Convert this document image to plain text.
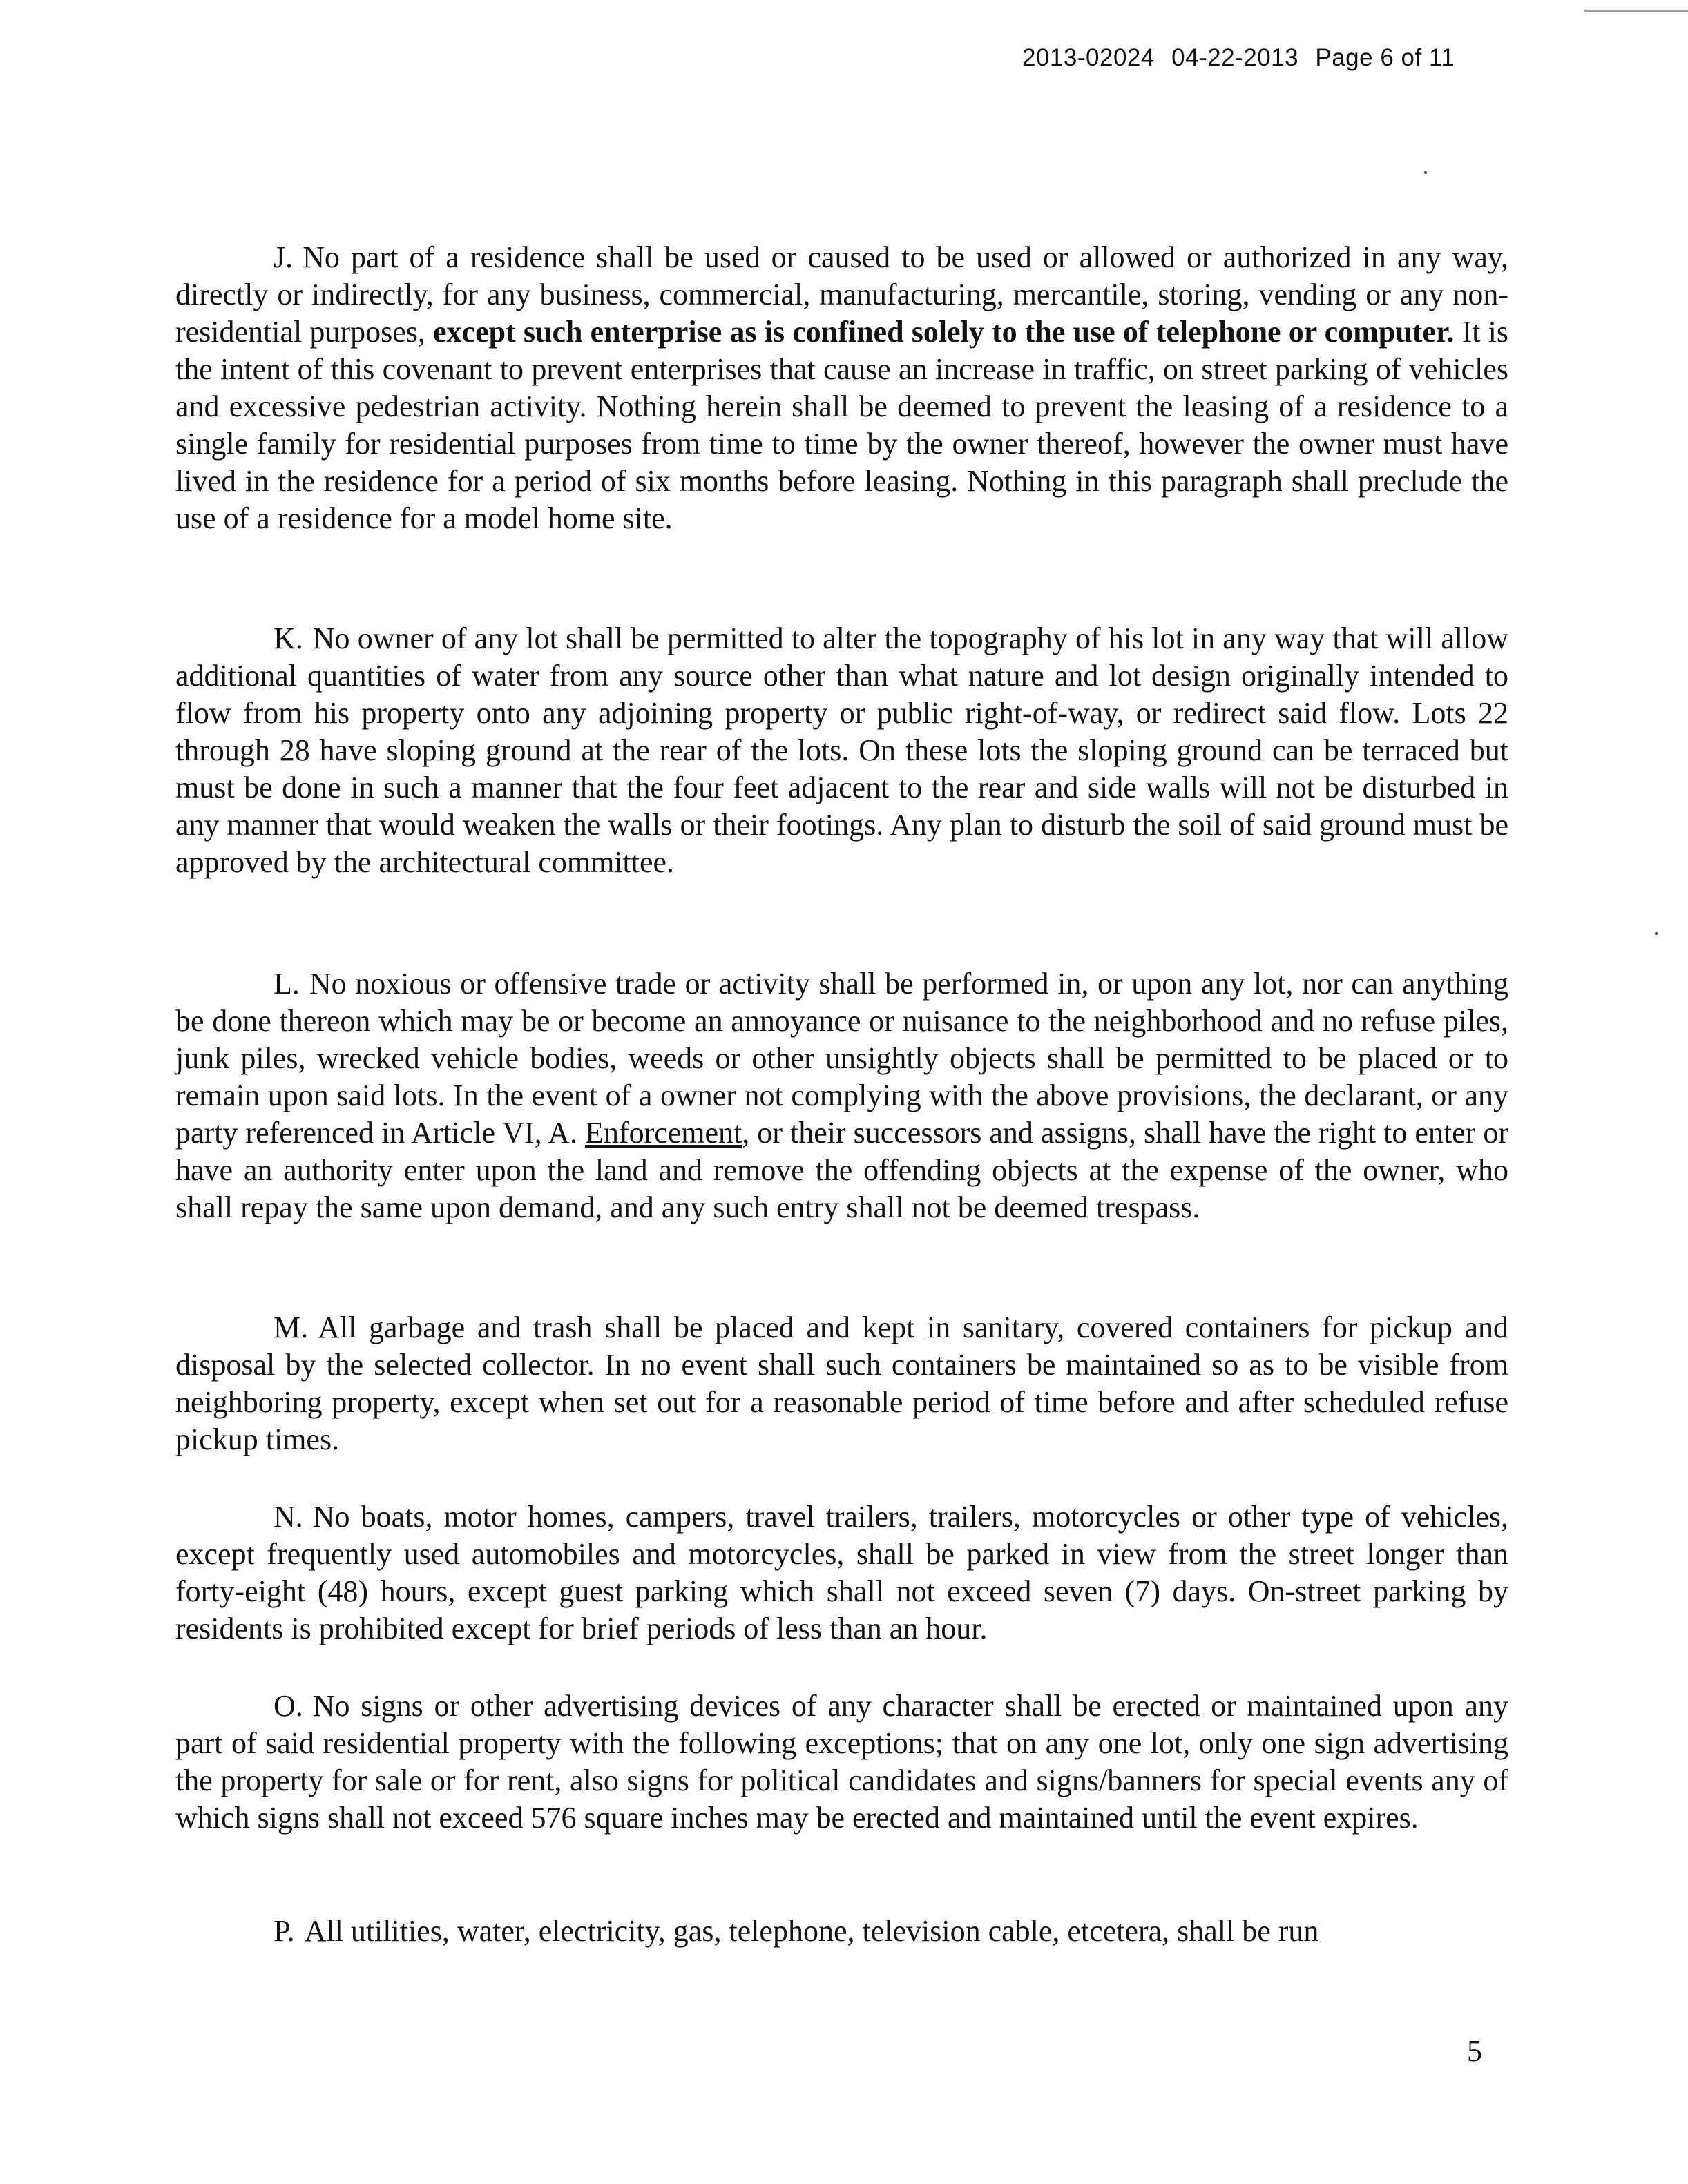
2013-02024 04-22-2013 Page 6 of 11

J. No part of a residence shall be used or caused to be used or allowed or authorized in any way, directly or indirectly, for any business, commercial, manufacturing, mercantile, storing, vending or any non-residential purposes, except such enterprise as is confined solely to the use of telephone or computer. It is the intent of this covenant to prevent enterprises that cause an increase in traffic, on street parking of vehicles and excessive pedestrian activity. Nothing herein shall be deemed to prevent the leasing of a residence to a single family for residential purposes from time to time by the owner thereof, however the owner must have lived in the residence for a period of six months before leasing. Nothing in this paragraph shall preclude the use of a residence for a model home site.

K. No owner of any lot shall be permitted to alter the topography of his lot in any way that will allow additional quantities of water from any source other than what nature and lot design originally intended to flow from his property onto any adjoining property or public right-of-way, or redirect said flow. Lots 22 through 28 have sloping ground at the rear of the lots. On these lots the sloping ground can be terraced but must be done in such a manner that the four feet adjacent to the rear and side walls will not be disturbed in any manner that would weaken the walls or their footings. Any plan to disturb the soil of said ground must be approved by the architectural committee.

L. No noxious or offensive trade or activity shall be performed in, or upon any lot, nor can anything be done thereon which may be or become an annoyance or nuisance to the neighborhood and no refuse piles, junk piles, wrecked vehicle bodies, weeds or other unsightly objects shall be permitted to be placed or to remain upon said lots. In the event of a owner not complying with the above provisions, the declarant, or any party referenced in Article VI, A. Enforcement, or their successors and assigns, shall have the right to enter or have an authority enter upon the land and remove the offending objects at the expense of the owner, who shall repay the same upon demand, and any such entry shall not be deemed trespass.

M. All garbage and trash shall be placed and kept in sanitary, covered containers for pickup and disposal by the selected collector. In no event shall such containers be maintained so as to be visible from neighboring property, except when set out for a reasonable period of time before and after scheduled refuse pickup times.

N. No boats, motor homes, campers, travel trailers, trailers, motorcycles or other type of vehicles, except frequently used automobiles and motorcycles, shall be parked in view from the street longer than forty-eight (48) hours, except guest parking which shall not exceed seven (7) days. On-street parking by residents is prohibited except for brief periods of less than an hour.

O. No signs or other advertising devices of any character shall be erected or maintained upon any part of said residential property with the following exceptions; that on any one lot, only one sign advertising the property for sale or for rent, also signs for political candidates and signs/banners for special events any of which signs shall not exceed 576 square inches may be erected and maintained until the event expires.

P. All utilities, water, electricity, gas, telephone, television cable, etcetera, shall be run

5
